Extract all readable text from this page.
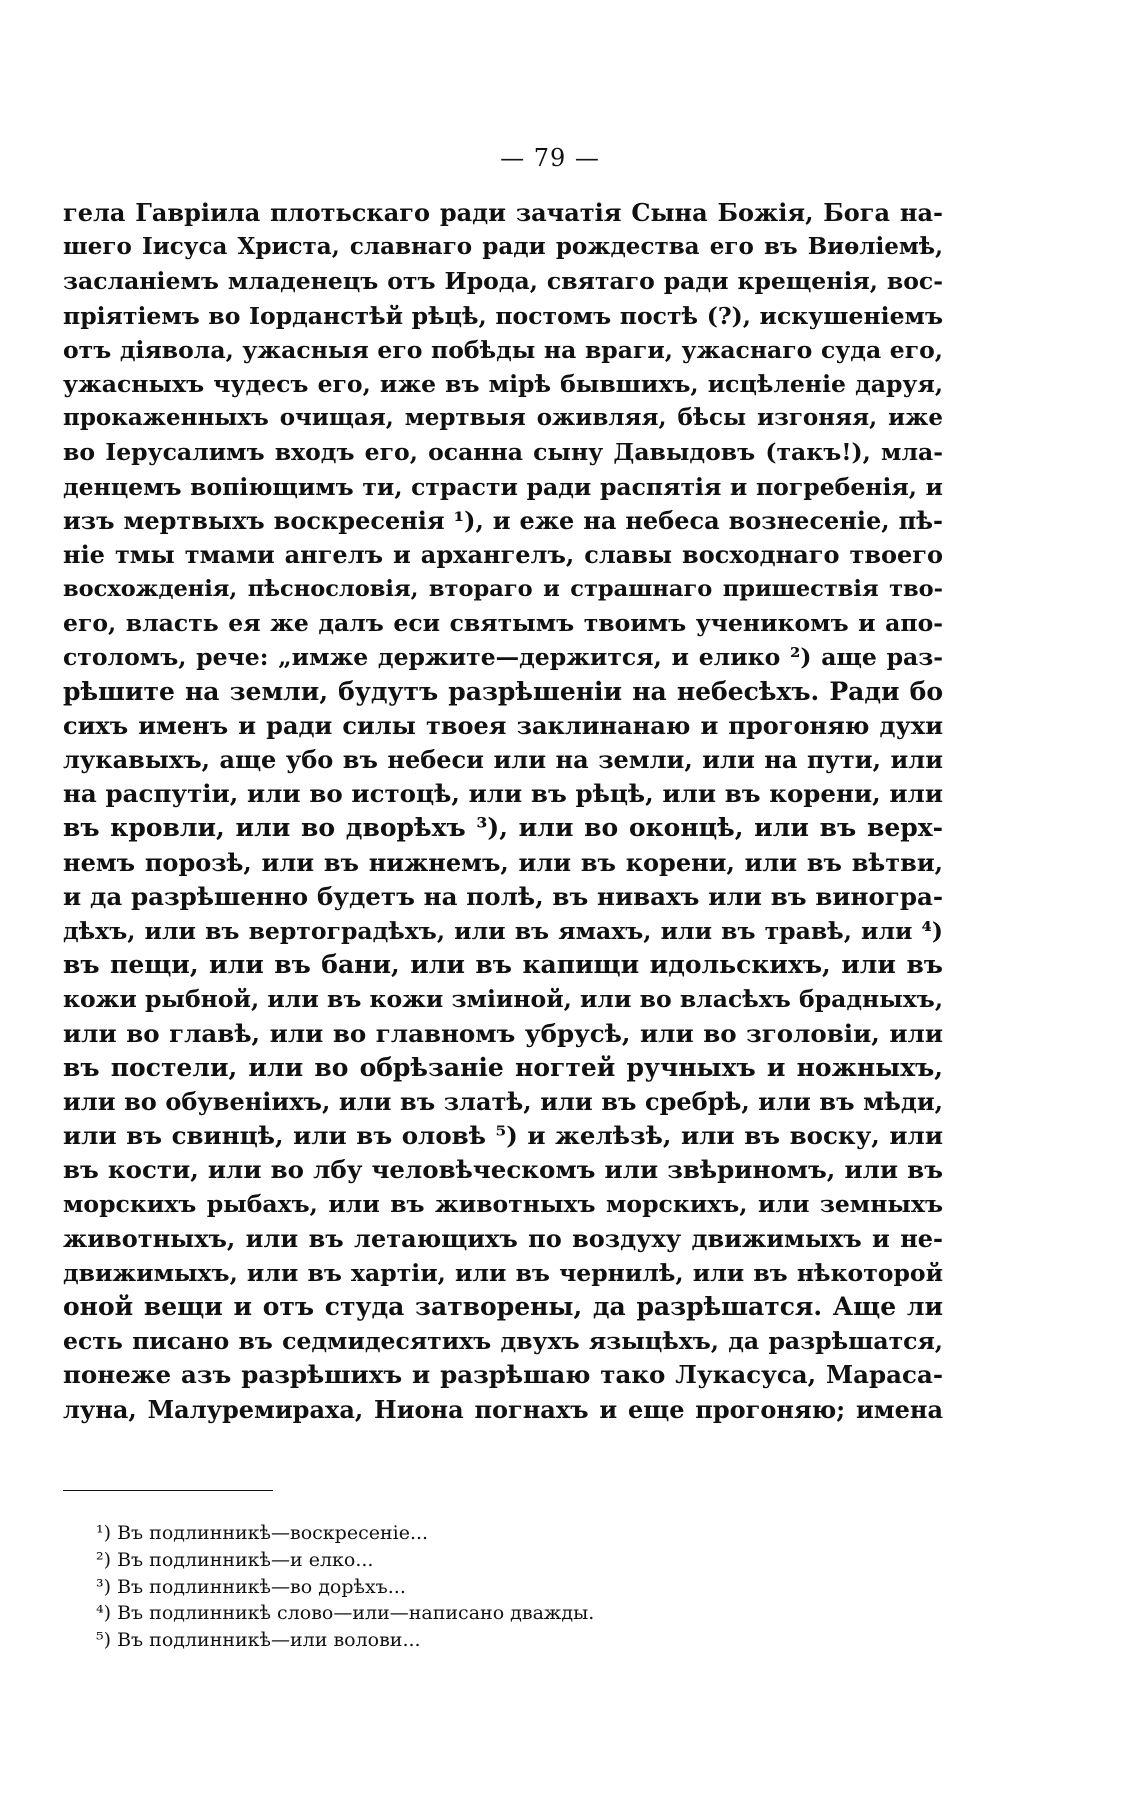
— 79 —
гела Гавріила плотьскаго ради зачатія Сына Божія, Бога на-
шего Іисуса Христа, славнаго ради рождества его въ Виѳліемѣ,
засланіемъ младенецъ отъ Ирода, святаго ради крещенія, вос-
пріятіемъ во Іорданстѣй рѣцѣ, постомъ постѣ (?), искушеніемъ
отъ діявола, ужасныя его побѣды на враги, ужаснаго суда его,
ужасныхъ чудесъ его, иже въ мірѣ бывшихъ, исцѣленіе даруя,
прокаженныхъ очищая, мертвыя оживляя, бѣсы изгоняя, иже
во Іерусалимъ входъ его, осанна сыну Давыдовъ (такъ!), мла-
денцемъ вопіющимъ ти, страсти ради распятія и погребенія, и
изъ мертвыхъ воскресенія ¹), и еже на небеса вознесеніе, пѣ-
ніе тмы тмами ангелъ и архангелъ, славы восходнаго твоего
восхожденія, пѣснословія, втораго и страшнаго пришествія тво-
его, власть ея же далъ еси святымъ твоимъ ученикомъ и апо-
столомъ, рече: „имже держите—держится, и елико ²) аще раз-
рѣшите на земли, будутъ разрѣшеніи на небесѣхъ. Ради бо
сихъ именъ и ради силы твоея заклинанаю и прогоняю духи
лукавыхъ, аще убо въ небеси или на земли, или на пути, или
на распутіи, или во истоцѣ, или въ рѣцѣ, или въ корени, или
въ кровли, или во дворѣхъ ³), или во оконцѣ, или въ верх-
немъ порозѣ, или въ нижнемъ, или въ корени, или въ вѣтви,
и да разрѣшенно будетъ на полѣ, въ нивахъ или въ виногра-
дѣхъ, или въ вертоградѣхъ, или въ ямахъ, или въ травѣ, или ⁴)
въ пещи, или въ бани, или въ капищи идольскихъ, или въ
кожи рыбной, или въ кожи зміиной, или во власѣхъ брадныхъ,
или во главѣ, или во главномъ убрусѣ, или во зголовіи, или
въ постели, или во обрѣзаніе ногтей ручныхъ и ножныхъ,
или во обувеніихъ, или въ златѣ, или въ сребрѣ, или въ мѣди,
или въ свинцѣ, или въ оловѣ ⁵) и желѣзѣ, или въ воску, или
въ кости, или во лбу человѣческомъ или звѣриномъ, или въ
морскихъ рыбахъ, или въ животныхъ морскихъ, или земныхъ
животныхъ, или въ летающихъ по воздуху движимыхъ и не-
движимыхъ, или въ хартіи, или въ чернилѣ, или въ нѣкоторой
оной вещи и отъ студа затворены, да разрѣшатся. Аще ли
есть писано въ седмидесятихъ двухъ языцѣхъ, да разрѣшатся,
понеже азъ разрѣшихъ и разрѣшаю тако Лукасуса, Мараса-
луна, Малуремираха, Ниона погнахъ и еще прогоняю; имена
¹) Въ подлинникѣ—воскресеніе...
²) Въ подлинникѣ—и елко...
³) Въ подлинникѣ—во дорѣхъ...
⁴) Въ подлинникѣ слово—или—написано дважды.
⁵) Въ подлинникѣ—или волови...
